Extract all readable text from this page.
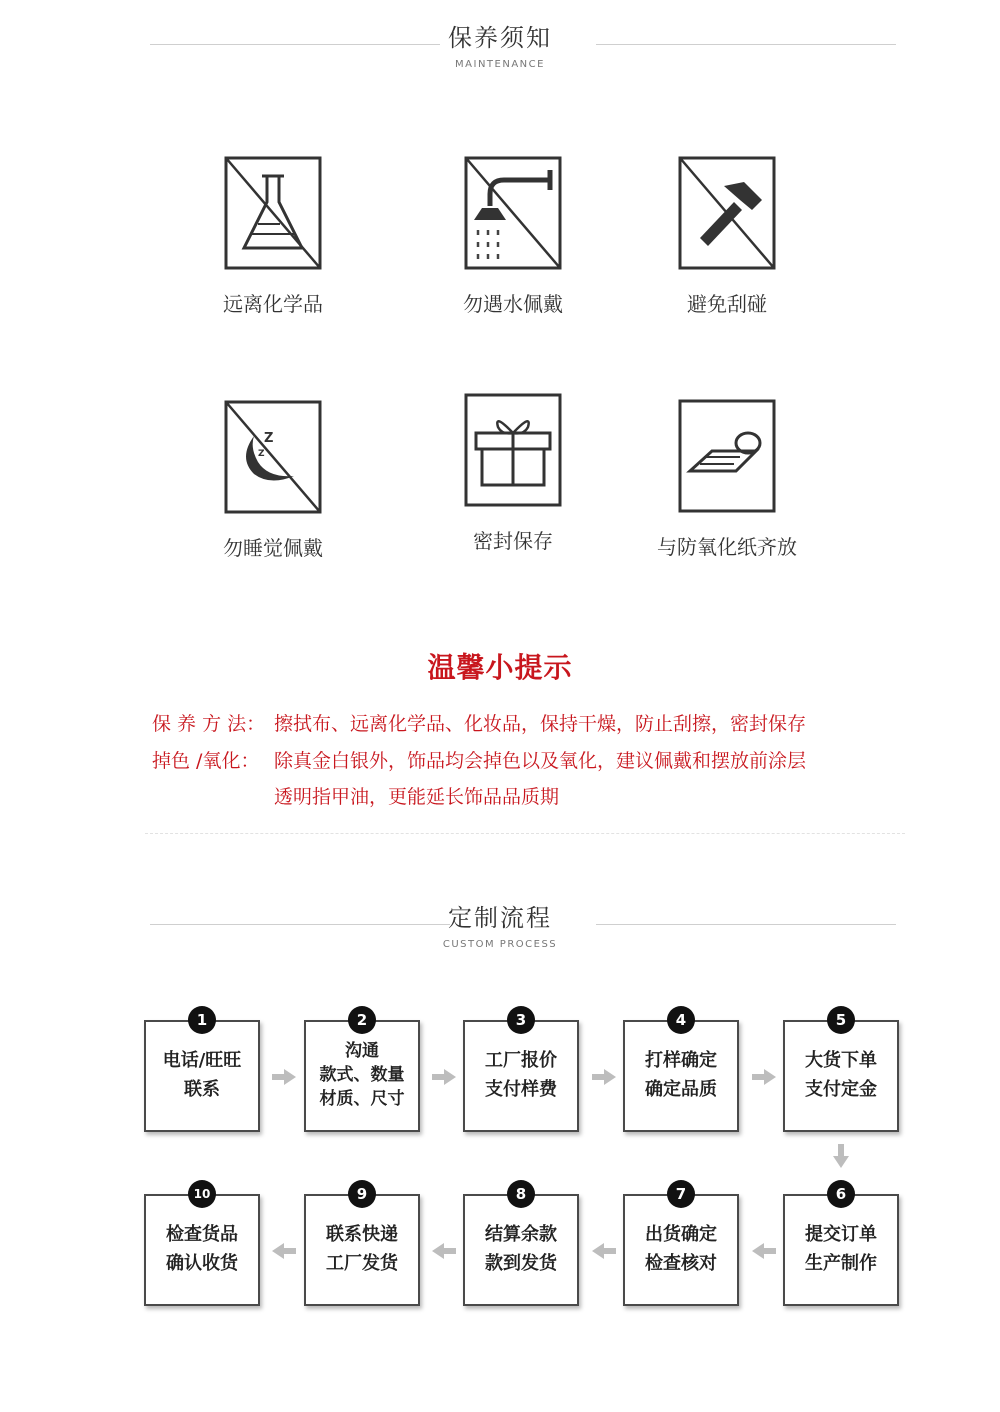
保养须知
MAINTENANCE
远离化学品	勿遇水佩戴	避免刮碰
Z
Z
勿睡觉佩戴	密封保存	与防氧化纸齐放
温馨小提示
保 养 方 法： 擦拭布、远离化学品、化妆品，保持干燥，防止刮擦，密封保存
掉色 /氧化： 除真金白银外，饰品均会掉色以及氧化，建议佩戴和摆放前涂层
透明指甲油，更能延长饰品品质期
定制流程
CUSTOM PROCESS
电话/旺旺
联系
1
沟通
款式、数量
材质、尺寸
2
工厂报价
支付样费
3
打样确定
确定品质
4
大货下单
支付定金
5
检查货品
确认收货
10
联系快递
工厂发货
9
结算余款
款到发货
8
出货确定
检查核对
7
提交订单
生产制作
6
